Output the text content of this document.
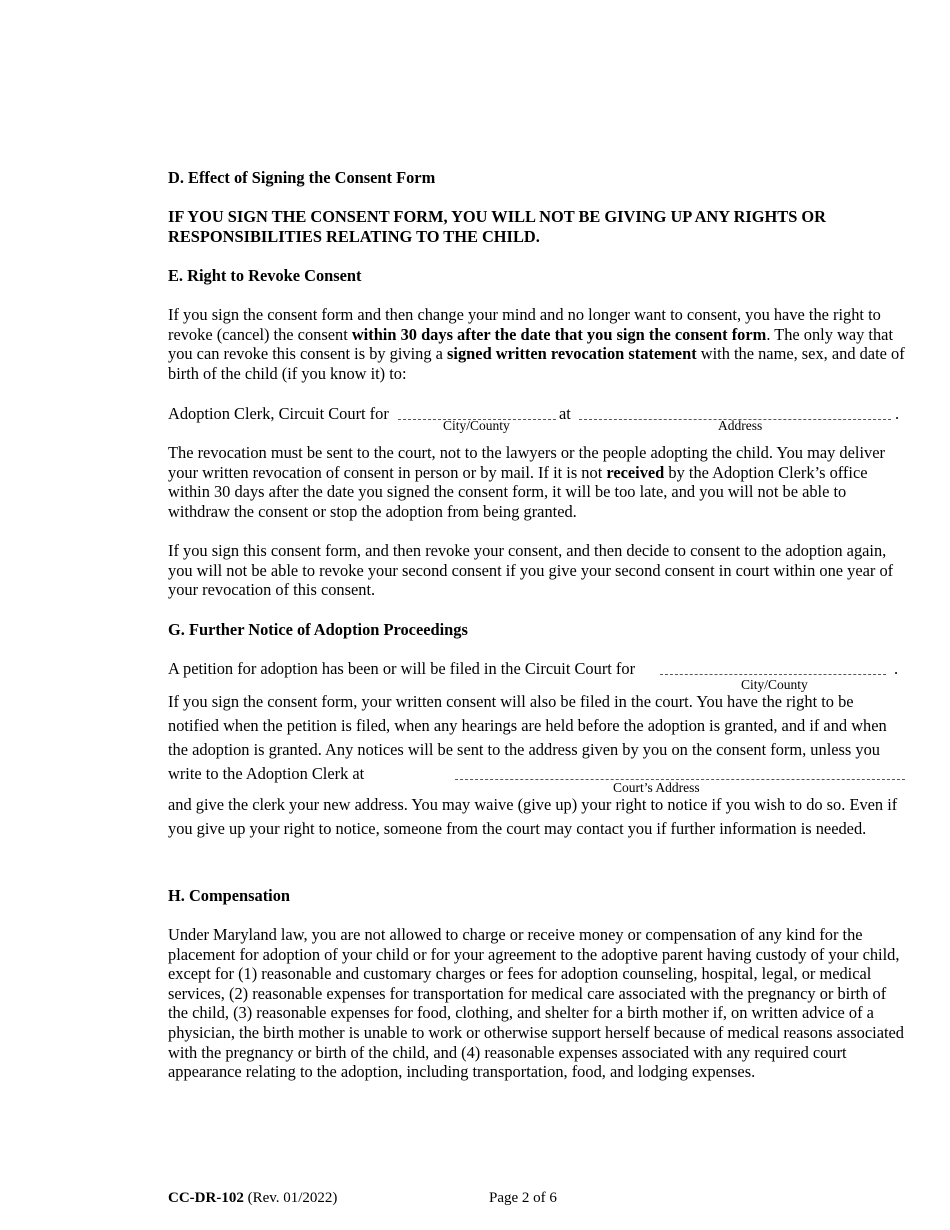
D. Effect of Signing the Consent Form
IF YOU SIGN THE CONSENT FORM, YOU WILL NOT BE GIVING UP ANY RIGHTS OR RESPONSIBILITIES RELATING TO THE CHILD.
E. Right to Revoke Consent

If you sign the consent form and then change your mind and no longer want to consent, you have the right to revoke (cancel) the consent within 30 days after the date that you sign the consent form. The only way that you can revoke this consent is by giving a signed written revocation statement with the name, sex, and date of birth of the child (if you know it) to:

Adoption Clerk, Circuit Court for
City/County
at
Address
.

The revocation must be sent to the court, not to the lawyers or the people adopting the child. You may deliver your written revocation of consent in person or by mail. If it is not received by the Adoption Clerk’s office within 30 days after the date you signed the consent form, it will be too late, and you will not be able to withdraw the consent or stop the adoption from being granted.

If you sign this consent form, and then revoke your consent, and then decide to consent to the adoption again, you will not be able to revoke your second consent if you give your second consent in court within one year of your revocation of this consent.

G. Further Notice of Adoption Proceedings
A petition for adoption has been or will be filed in the Circuit Court for
City/County
.

If you sign the consent form, your written consent will also be filed in the court. You have the right to be notified when the petition is filed, when any hearings are held before the adoption is granted, and if and when the adoption is granted. Any notices will be sent to the address given by you on the consent form, unless you write to the Adoption Clerk at

Court’s Address

and give the clerk your new address. You may waive (give up) your right to notice if you wish to do so. Even if you give up your right to notice, someone from the court may contact you if further information is needed.

H. Compensation

Under Maryland law, you are not allowed to charge or receive money or compensation of any kind for the placement for adoption of your child or for your agreement to the adoptive parent having custody of your child, except for (1) reasonable and customary charges or fees for adoption counseling, hospital, legal, or medical services, (2) reasonable expenses for transportation for medical care associated with the pregnancy or birth of the child, (3) reasonable expenses for food, clothing, and shelter for a birth mother if, on written advice of a physician, the birth mother is unable to work or otherwise support herself because of medical reasons associated with the pregnancy or birth of the child, and (4) reasonable expenses associated with any required court appearance relating to the adoption, including transportation, food, and lodging expenses.

CC-DR-102 (Rev. 01/2022)	Page 2 of 6
